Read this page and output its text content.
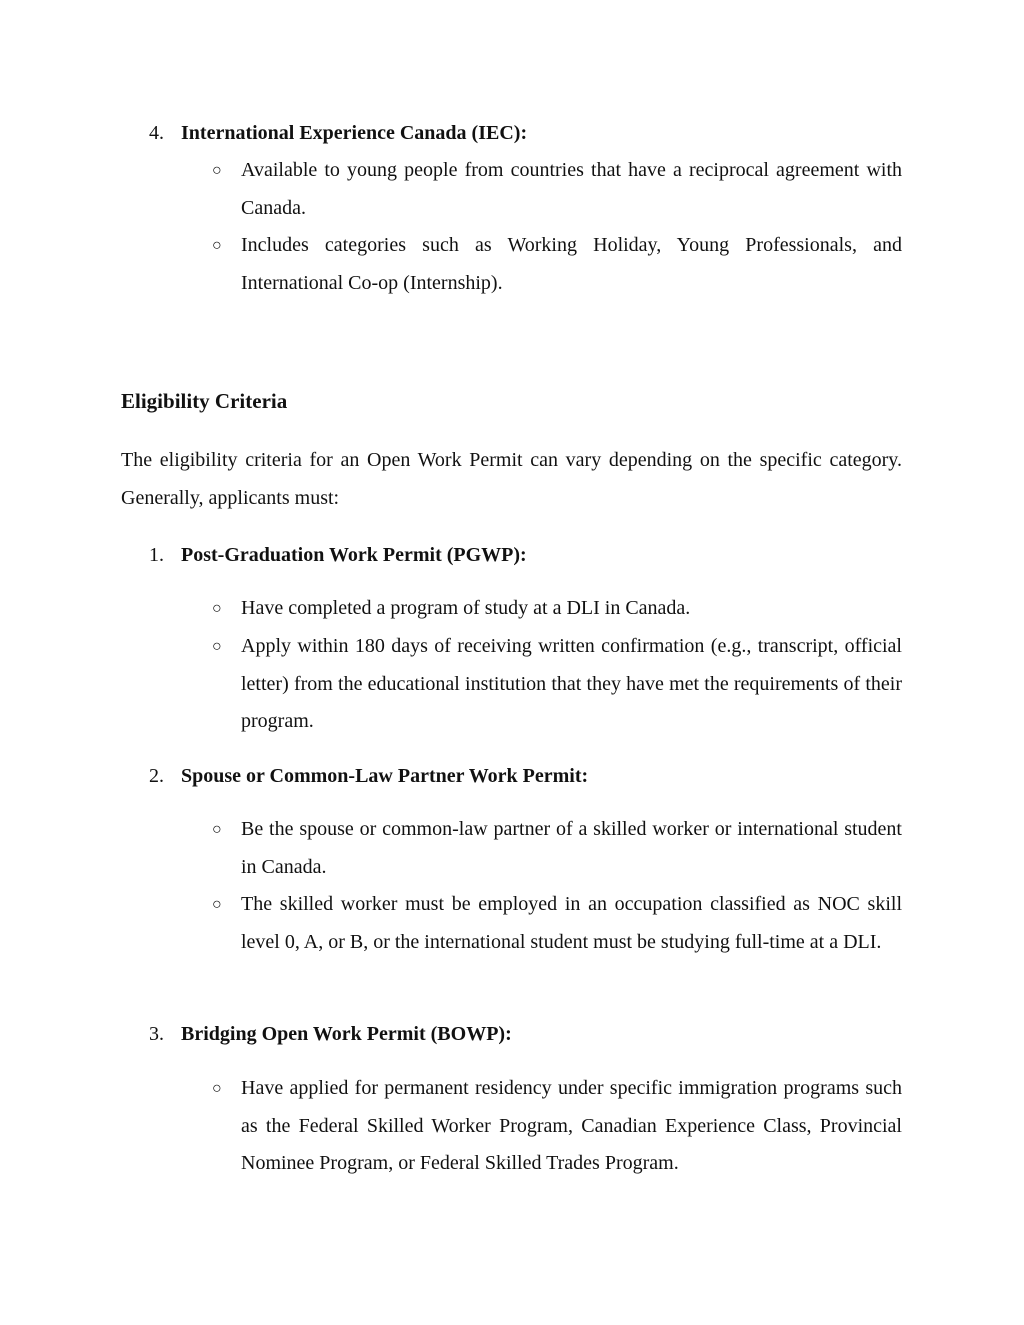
4. International Experience Canada (IEC):
○ Available to young people from countries that have a reciprocal agreement with Canada.
○ Includes categories such as Working Holiday, Young Professionals, and International Co-op (Internship).
Eligibility Criteria
The eligibility criteria for an Open Work Permit can vary depending on the specific category. Generally, applicants must:
1. Post-Graduation Work Permit (PGWP):
○ Have completed a program of study at a DLI in Canada.
○ Apply within 180 days of receiving written confirmation (e.g., transcript, official letter) from the educational institution that they have met the requirements of their program.
2. Spouse or Common-Law Partner Work Permit:
○ Be the spouse or common-law partner of a skilled worker or international student in Canada.
○ The skilled worker must be employed in an occupation classified as NOC skill level 0, A, or B, or the international student must be studying full-time at a DLI.
3. Bridging Open Work Permit (BOWP):
○ Have applied for permanent residency under specific immigration programs such as the Federal Skilled Worker Program, Canadian Experience Class, Provincial Nominee Program, or Federal Skilled Trades Program.
